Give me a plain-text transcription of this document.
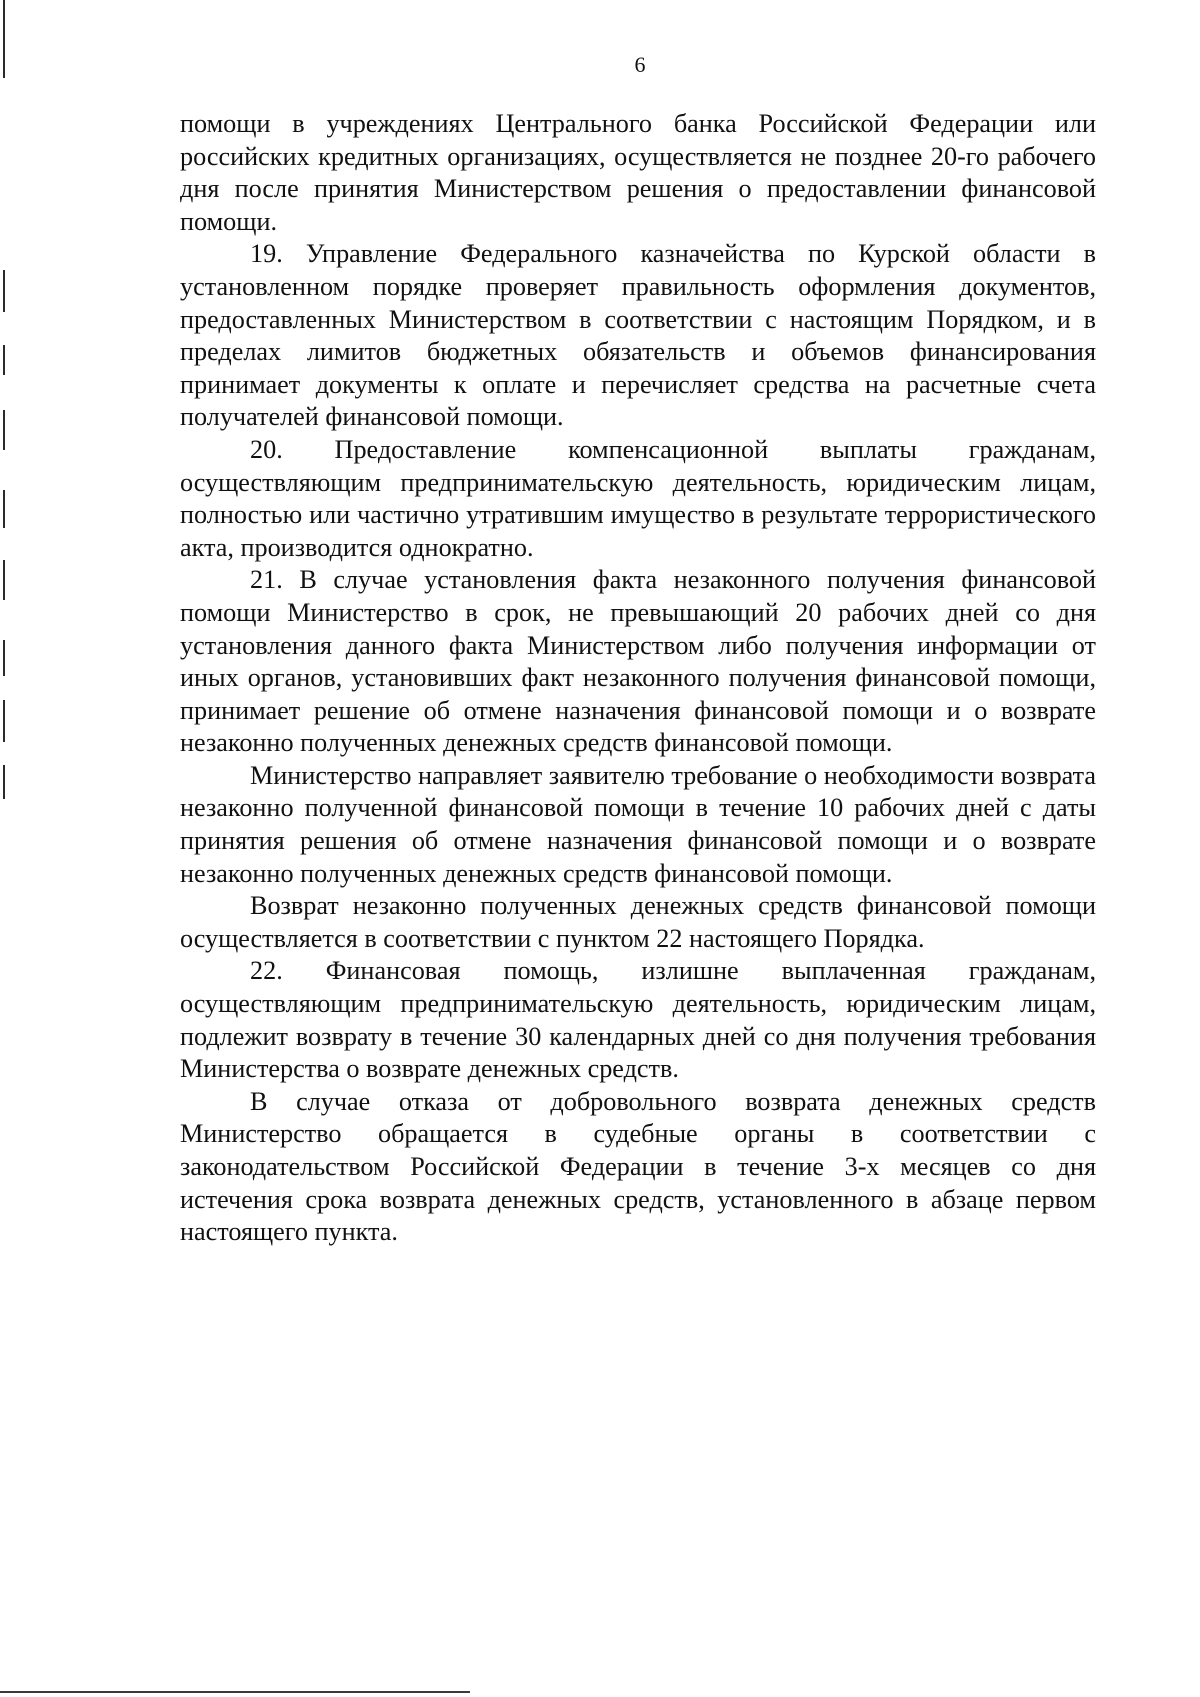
6

помощи в учреждениях Центрального банка Российской Федерации или российских кредитных организациях, осуществляется не позднее 20-го рабочего дня после принятия Министерством решения о предоставлении финансовой помощи.

19. Управление Федерального казначейства по Курской области в установленном порядке проверяет правильность оформления документов, предоставленных Министерством в соответствии с настоящим Порядком, и в пределах лимитов бюджетных обязательств и объемов финансирования принимает документы к оплате и перечисляет средства на расчетные счета получателей финансовой помощи.

20. Предоставление компенсационной выплаты гражданам, осуществляющим предпринимательскую деятельность, юридическим лицам, полностью или частично утратившим имущество в результате террористического акта, производится однократно.

21. В случае установления факта незаконного получения финансовой помощи Министерство в срок, не превышающий 20 рабочих дней со дня установления данного факта Министерством либо получения информации от иных органов, установивших факт незаконного получения финансовой помощи, принимает решение об отмене назначения финансовой помощи и о возврате незаконно полученных денежных средств финансовой помощи.

Министерство направляет заявителю требование о необходимости возврата незаконно полученной финансовой помощи в течение 10 рабочих дней с даты принятия решения об отмене назначения финансовой помощи и о возврате незаконно полученных денежных средств финансовой помощи.

Возврат незаконно полученных денежных средств финансовой помощи осуществляется в соответствии с пунктом 22 настоящего Порядка.

22. Финансовая помощь, излишне выплаченная гражданам, осуществляющим предпринимательскую деятельность, юридическим лицам, подлежит возврату в течение 30 календарных дней со дня получения требования Министерства о возврате денежных средств.

В случае отказа от добровольного возврата денежных средств Министерство обращается в судебные органы в соответствии с законодательством Российской Федерации в течение 3-х месяцев со дня истечения срока возврата денежных средств, установленного в абзаце первом настоящего пункта.
